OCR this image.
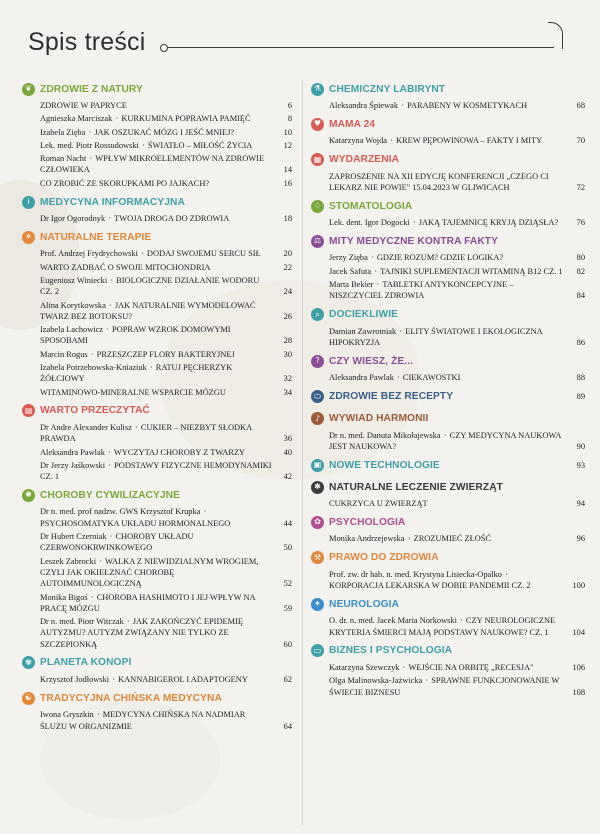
Spis treści
❦ ZDROWIE Z NATURY
ZDROWIE W PAPRYCE	6
Agnieszka Marciszak · KURKUMINA POPRAWIA PAMIĘĆ	8
Izabela Zięba · JAK OSZUKAĆ MÓZG I JEŚĆ MNIEJ?	10
Lek. med. Piotr Rossudowski · ŚWIATŁO – MIŁOŚĆ ŻYCIA	12
Roman Nacht · WPŁYW MIKROELEMENTÓW NA ZDROWIE CZŁOWIEKA	14
CO ZROBIĆ ZE SKORUPKAMI PO JAJKACH?	16
i	MEDYCYNA INFORMACYJNA
Dr Igor Ogorodnyk · TWOJA DROGA DO ZDROWIA	18
☀ NATURALNE TERAPIE
Prof. Andrzej Frydrychowski · DODAJ SWOJEMU SERCU SIŁ	20
WARTO ZADBAĆ O SWOJE MITOCHONDRIA	22
Eugeniusz Winiecki · BIOLOGICZNE DZIAŁANIE WODORU CZ. 2	24
Alina Korytkowska · JAK NATURALNIE WYMODELOWAĆ TWARZ BEZ BOTOKSU?	26
Izabela Lachowicz · POPRAW WZROK DOMOWYMI SPOSOBAMI	28
Marcin Rogus · PRZESZCZEP FLORY BAKTERYJNEJ	30
Izabela Potrzebowska-Kniaziuk · RATUJ PĘCHERZYK ŻÓŁCIOWY	32
WITAMINOWO-MINERALNE WSPARCIE MÓZGU	34
▤ WARTO PRZECZYTAĆ
Dr Andre Alexander Kulisz · CUKIER – NIEZBYT SŁODKA PRAWDA	36
Aleksandra Pawlak · WYCZYTAJ CHOROBY Z TWARZY	40
Dr Jerzy Jaśkowski · PODSTAWY FIZYCZNE HEMODYNAMIKI CZ. 1	42
✺ CHOROBY CYWILIZACYJNE
Dr n. med. prof nadzw. GWS Krzysztof Krupka · PSYCHOSOMATYKA UKŁADU HORMONALNEGO	44
Dr Hubert Czerniak · CHOROBY UKŁADU CZERWONOKRWINKOWEGO	50
Leszek Zabrocki · WALKA Z NIEWIDZIALNYM WROGIEM, CZYLI JAK OKIEŁZNAĆ CHOROBĘ AUTOIMMUNOLOGICZNĄ	52
Monika Bigoś · CHOROBA HASHIMOTO I JEJ WPŁYW NA PRACĘ MÓZGU	59
Dr n. med. Piotr Witczak · JAK ZAKOŃCZYĆ EPIDEMIĘ AUTYZMU? AUTYZM ZWIĄZANY NIE TYLKO ZE SZCZEPIONKĄ	60
✾ PLANETA KONOPI
Krzysztof Jodłowski · KANNABIGEROL I ADAPTOGENY	62
☯ TRADYCYJNA CHIŃSKA MEDYCYNA
Iwona Gryszkin · MEDYCYNA CHIŃSKA NA NADMIAR ŚLUZU W ORGANIZMIE	64
⚗ CHEMICZNY LABIRYNT
Aleksandra Śpiewak · PARABENY W KOSMETYKACH	68
♥ MAMA 24
Katarzyna Wojda · KREW PĘPOWINOWA – FAKTY I MITY	70
▦ WYDARZENIA
ZAPROSZENIE NA XII EDYCJĘ KONFERENCJI „CZEGO CI LEKARZ NIE POWIE" 15.04.2023 W GLIWICACH	72
♢ STOMATOLOGIA
Lek. dent. Igor Dogocki · JAKĄ TAJEMNICĘ KRYJĄ DZIĄSŁA? 76
⚖ MITY MEDYCZNE KONTRA FAKTY
Jerzy Zięba · GDZIE ROZUM? GDZIE LOGIKA?	80
Jacek Safuta · TAJNIKI SUPLEMENTACJI WITAMINĄ B12 CZ. 1 82
Marta Bekier · TABLETKI ANTYKONCEPCYJNE – NISZCZYCIEL ZDROWIA	84
⌕ DOCIEKLIWIE
Damian Zawrotniak · ELITY ŚWIATOWE I EKOLOGICZNA HIPOKRYZJA	86
? CZY WIESZ, ŻE...
Aleksandra Pawlak · CIEKAWOSTKI	88
⬭ ZDROWIE BEZ RECEPTY	89
♪ WYWIAD HARMONII
Dr n. med. Danuta Mikołajewska · CZY MEDYCYNA NAUKOWA JEST NAUKOWA?	90
▣ NOWE TECHNOLOGIE	93
✱ NATURALNE LECZENIE ZWIERZĄT
CUKRZYCA U ZWIERZĄT	94
✿ PSYCHOLOGIA
Monika Andrzejewska · ZROZUMIEĆ ZŁOŚĆ	96
⚒ PRAWO DO ZDROWIA
Prof. zw. dr hab. n. med. Krystyna Lisiecka-Opalko · KORPORACJA LEKARSKA W DOBIE PANDEMII CZ. 2	100
✶ NEUROLOGIA
O. dr. n. med. Jacek Maria Norkowski · CZY NEUROLOGICZNE KRYTERIA ŚMIERCI MAJĄ PODSTAWY NAUKOWE? CZ. 1	104
▭ BIZNES I PSYCHOLOGIA
Katarzyna Szewczyk · WEJŚCIE NA ORBITĘ „RECESJA"	106
Olga Malinowska-Jażwicka · SPRAWNE FUNKCJONOWANIE W ŚWIECIE BIZNESU	108
